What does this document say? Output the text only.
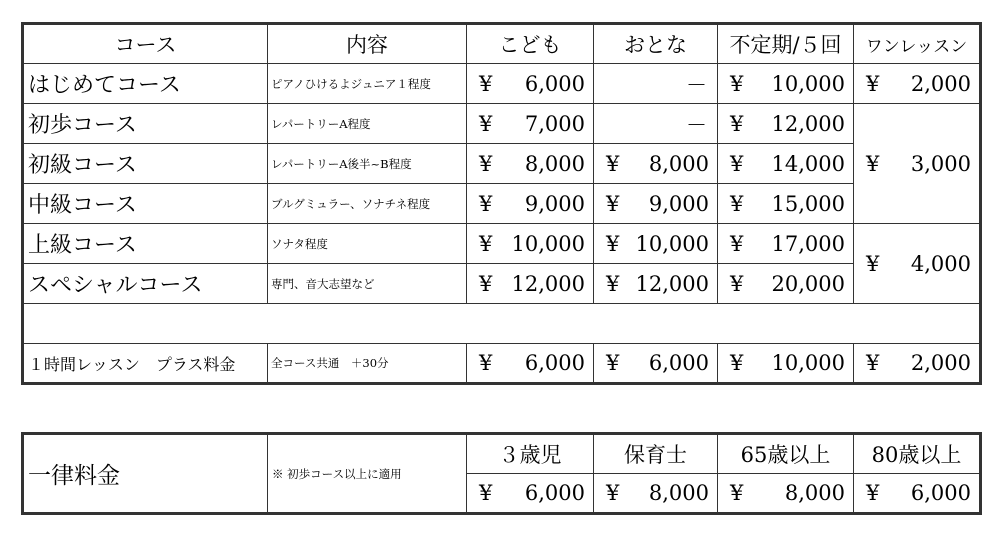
コース	内容	こども	おとな	不定期/５回	ワンレッスン
はじめてコース	ピアノひけるよジュニア１程度	¥ 6,000	－	¥ 10,000	¥ 2,000

初歩コース	レパートリーA程度	¥ 7,000	－	¥ 12,000	¥ 3,000

初級コース	レパートリーA後半~B程度	¥ 8,000	¥ 8,000	¥ 14,000	

中級コース	ブルグミュラー、ソナチネ程度	¥ 9,000	¥ 9,000	¥ 15,000	

上級コース	ソナタ程度	¥ 10,000	¥ 10,000	¥ 17,000	¥ 4,000

スペシャルコース	専門、音大志望など	¥ 12,000	¥ 12,000	¥ 20,000	

１時間レッスン　プラス料金	全コース共通　＋30分	¥ 6,000	¥ 6,000	¥ 10,000	¥ 2,000
一律料金	※ 初歩コース以上に適用	３歳児	保育士	65歳以上	80歳以上

		¥ 6,000	¥ 8,000	¥ 8,000	¥ 6,000
